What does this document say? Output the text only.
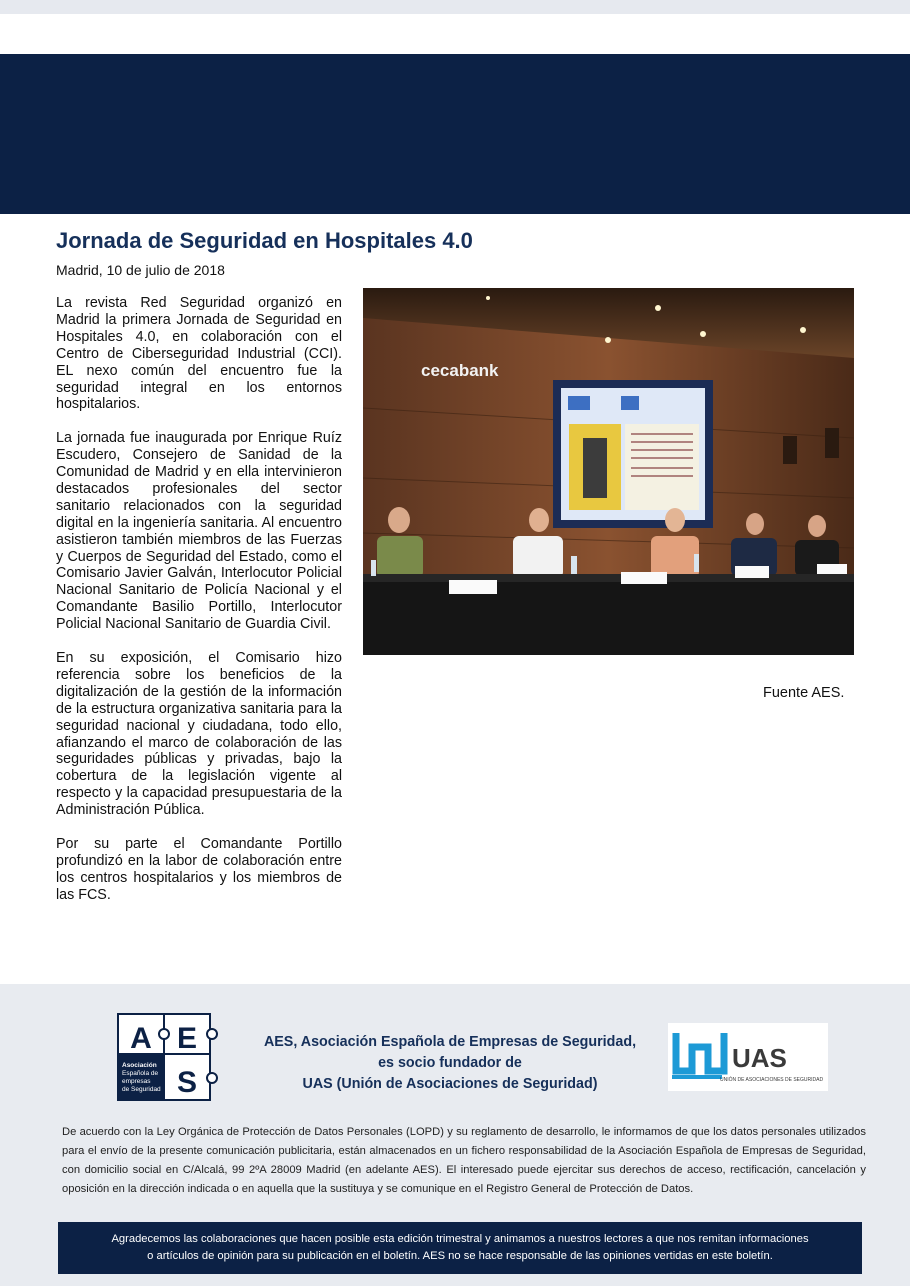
Jornada de Seguridad en Hospitales 4.0
Madrid, 10 de julio de 2018

La revista Red Seguridad organizó en Madrid la primera Jornada de Seguridad en Hospitales 4.0, en colaboración con el Centro de Ciberseguridad Industrial (CCI). EL nexo común del encuentro fue la seguridad integral en los entornos hospitalarios.

La jornada fue inaugurada por Enrique Ruíz Escudero, Consejero de Sanidad de la Comunidad de Madrid y en ella intervinieron destacados profesionales del sector sanitario relacionados con la seguridad digital en la ingeniería sanitaria. Al encuentro asistieron también miembros de las Fuerzas y Cuerpos de Seguridad del Estado, como el Comisario Javier Galván, Interlocutor Policial Nacional Sanitario de Policía Nacional y el Comandante Basilio Portillo, Interlocutor Policial Nacional Sanitario de Guardia Civil.

En su exposición, el Comisario hizo referencia sobre los beneficios de la digitalización de la gestión de la información de la estructura organizativa sanitaria para la seguridad nacional y ciudadana, todo ello, afianzando el marco de colaboración de las seguridades públicas y privadas, bajo la cobertura de la legislación vigente al respecto y la capacidad presupuestaria de la Administración Pública.

Por su parte el Comandante Portillo profundizó en la labor de colaboración entre los centros hospitalarios y los miembros de las FCS.

cecabank
Fuente AES.
A E
S
Asociación
Española de
empresas
de Seguridad
AES, Asociación Española de Empresas de Seguridad,
es socio fundador de
UAS (Unión de Asociaciones de Seguridad)
UAS
UNIÓN DE ASOCIACIONES DE SEGURIDAD
De acuerdo con la Ley Orgánica de Protección de Datos Personales (LOPD) y su reglamento de desarrollo, le informamos de que los datos personales utilizados para el envío de la presente comunicación publicitaria, están almacenados en un fichero responsabilidad de la Asociación Española de Empresas de Seguridad, con domicilio social en C/Alcalá, 99 2ºA 28009 Madrid (en adelante AES). El interesado puede ejercitar sus derechos de acceso, rectificación, cancelación y oposición en la dirección indicada o en aquella que la sustituya y se comunique en el Registro General de Protección de Datos.
Agradecemos las colaboraciones que hacen posible esta edición trimestral y animamos a nuestros lectores a que nos remitan informaciones
o artículos de opinión para su publicación en el boletín. AES no se hace responsable de las opiniones vertidas en este boletín.
